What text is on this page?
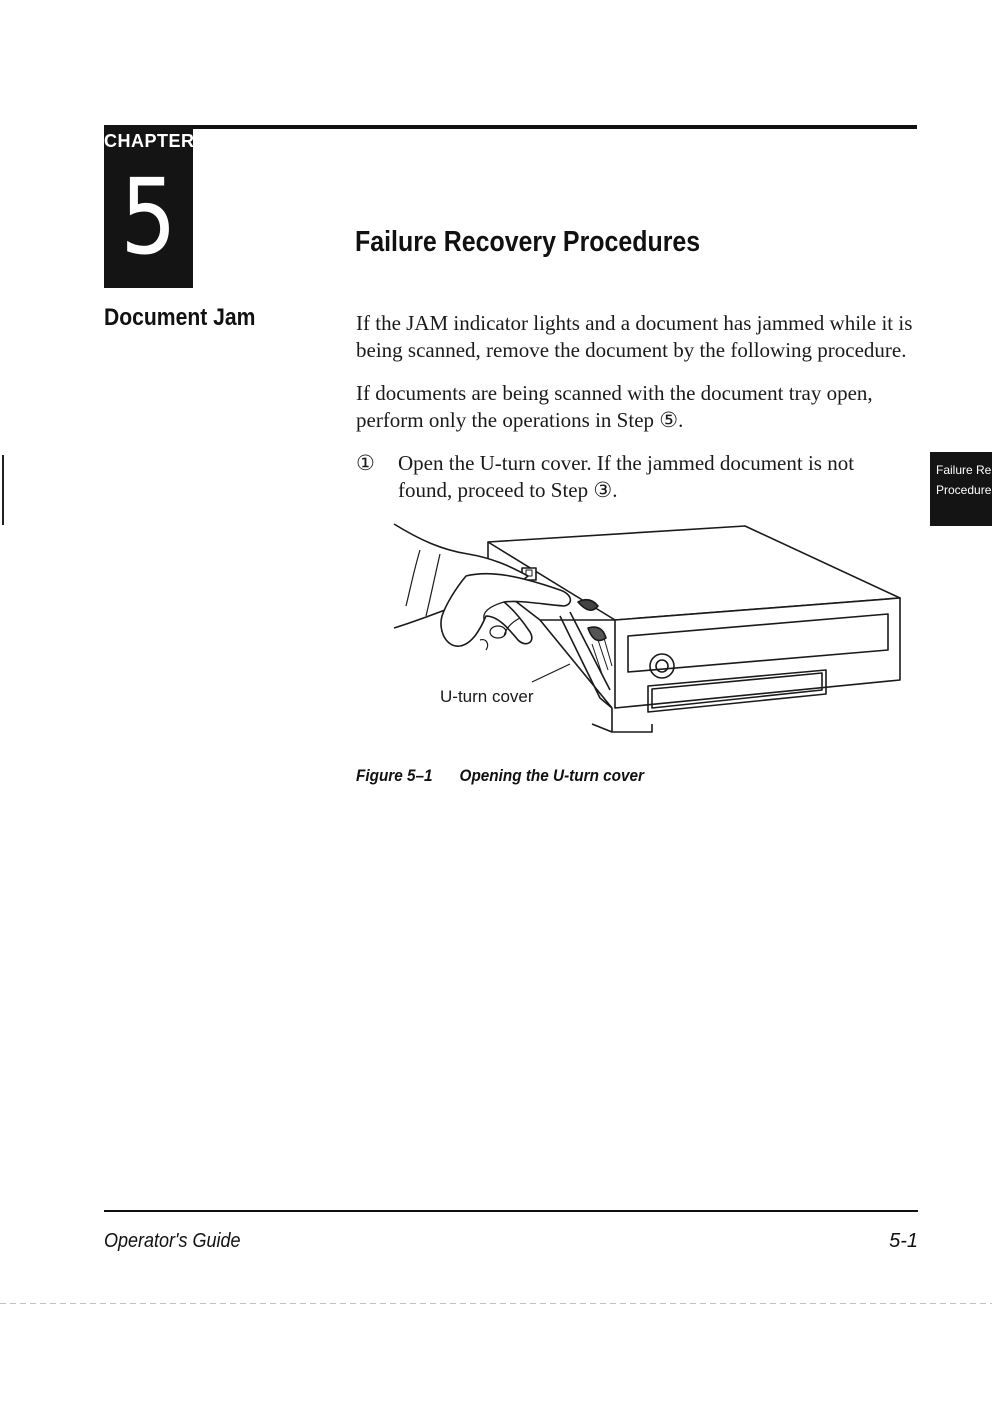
CHAPTER
5	Failure Recovery Procedures
Document Jam	If the JAM indicator lights and a document has jammed while it is being scanned, remove the document by the following procedure.

If documents are being scanned with the document tray open, perform only the operations in Step ⑤.

① Open the U-turn cover. If the jammed document is not found, proceed to Step ③.

Failure Re
Procedure
U-turn cover
Figure 5–1 Opening the U-turn cover
Operator's Guide	5-1
